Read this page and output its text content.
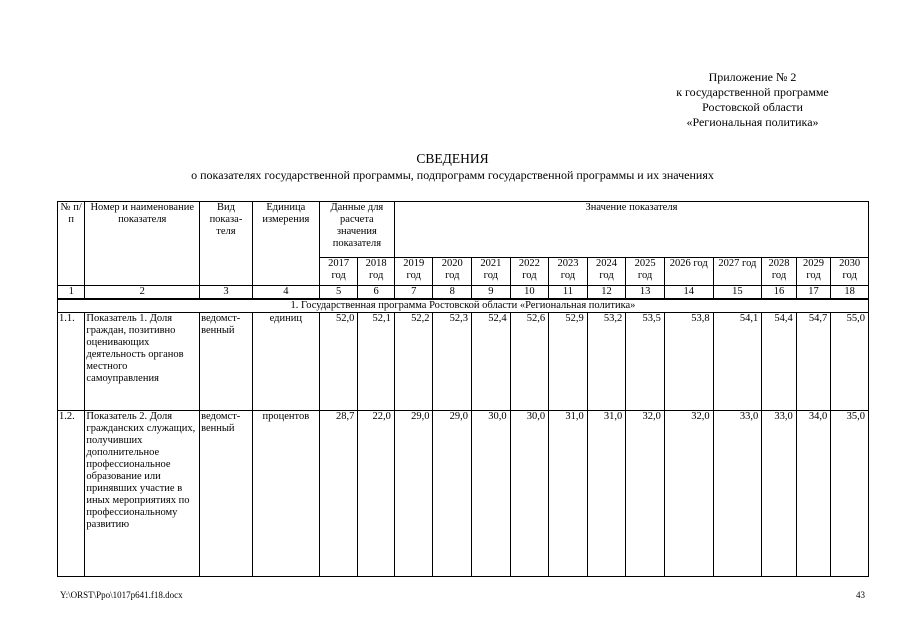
Приложение № 2
к государственной программе
Ростовской области
«Региональная политика»
СВЕДЕНИЯ
о показателях государственной программы, подпрограмм государственной программы и их значениях
№ п/п	Номер и наименование показателя	Вид показа-теля	Единица измерения	Данные для расчета значения показателя		Значение показателя											
				2017 год	2018 год	2019 год	2020 год	2021 год	2022 год	2023 год	2024 год	2025 год	2026 год	2027 год	2028 год	2029 год	2030 год
1	2	3	4	5	6	7	8	9	10	11	12	13	14	15	16	17	18
1. Государственная программа Ростовской области «Региональная политика»																	
1.1.	Показатель 1. Доля граждан, позитивно оценивающих деятельность органов местного самоуправления	ведомст-венный	единиц	52,0	52,1	52,2	52,3	52,4	52,6	52,9	53,2	53,5	53,8	54,1	54,4	54,7	55,0
1.2.	Показатель 2. Доля гражданских служащих, получивших дополнительное профессиональное образование или принявших участие в иных мероприятиях по профессиональному развитию	ведомст-венный	процентов	28,7	22,0	29,0	29,0	30,0	30,0	31,0	31,0	32,0	32,0	33,0	33,0	34,0	35,0
Y:\ORST\Ppo\1017p641.f18.docx	43
